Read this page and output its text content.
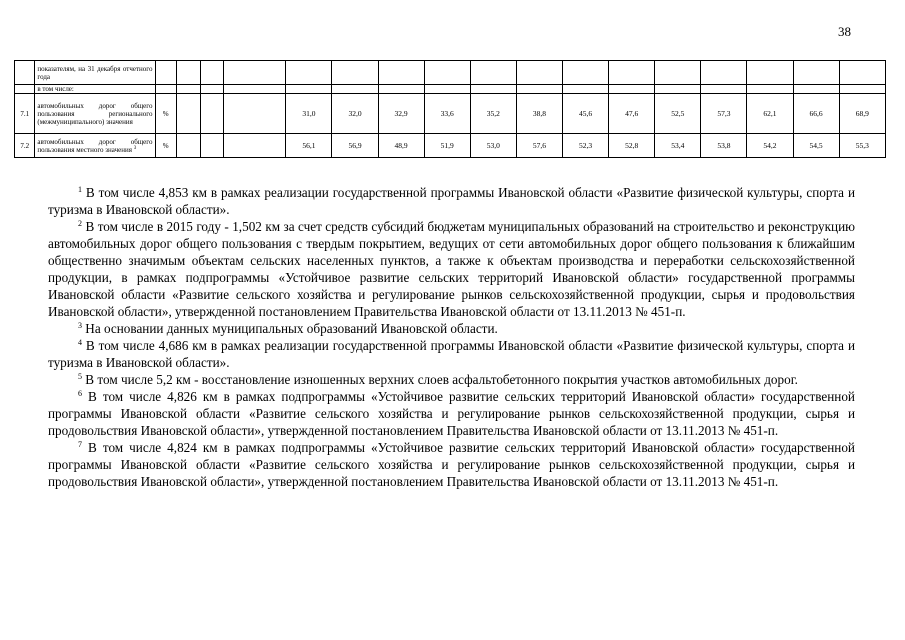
38
	показателям, на 31 декабря отчетного года																	
	в том числе:																	
7.1	автомобильных дорог общего пользования регионального (межмуниципального) значения	%				31,0	32,0	32,9	33,6	35,2	38,8	45,6	47,6	52,5	57,3	62,1	66,6	68,9
7.2	автомобильных дорог общего пользования местного значения $^3$	%				56,1	56,9	48,9	51,9	53,0	57,6	52,3	52,8	53,4	53,8	54,2	54,5	55,3

$^1$ В том числе 4,853 км в рамках реализации государственной программы Ивановской области «Развитие физической культуры, спорта и туризма в Ивановской области».

$^2$ В том числе в 2015 году - 1,502 км за счет средств субсидий бюджетам муниципальных образований на строительство и реконструкцию автомобильных дорог общего пользования с твердым покрытием, ведущих от сети автомобильных дорог общего пользования к ближайшим общественно значимым объектам сельских населенных пунктов, а также к объектам производства и переработки сельскохозяйственной продукции, в рамках подпрограммы «Устойчивое развитие сельских территорий Ивановской области» государственной программы Ивановской области «Развитие сельского хозяйства и регулирование рынков сельскохозяйственной продукции, сырья и продовольствия Ивановской области», утвержденной постановлением Правительства Ивановской области от 13.11.2013 № 451-п.

$^3$ На основании данных муниципальных образований Ивановской области.

$^4$ В том числе 4,686 км в рамках реализации государственной программы Ивановской области «Развитие физической культуры, спорта и туризма в Ивановской области».

$^5$ В том числе 5,2 км - восстановление изношенных верхних слоев асфальтобетонного покрытия участков автомобильных дорог.

$^6$ В том числе 4,826 км в рамках подпрограммы «Устойчивое развитие сельских территорий Ивановской области» государственной программы Ивановской области «Развитие сельского хозяйства и регулирование рынков сельскохозяйственной продукции, сырья и продовольствия Ивановской области», утвержденной постановлением Правительства Ивановской области от 13.11.2013 № 451-п.

$^7$ В том числе 4,824 км в рамках подпрограммы «Устойчивое развитие сельских территорий Ивановской области» государственной программы Ивановской области «Развитие сельского хозяйства и регулирование рынков сельскохозяйственной продукции, сырья и продовольствия Ивановской области», утвержденной постановлением Правительства Ивановской области от 13.11.2013 № 451-п.
